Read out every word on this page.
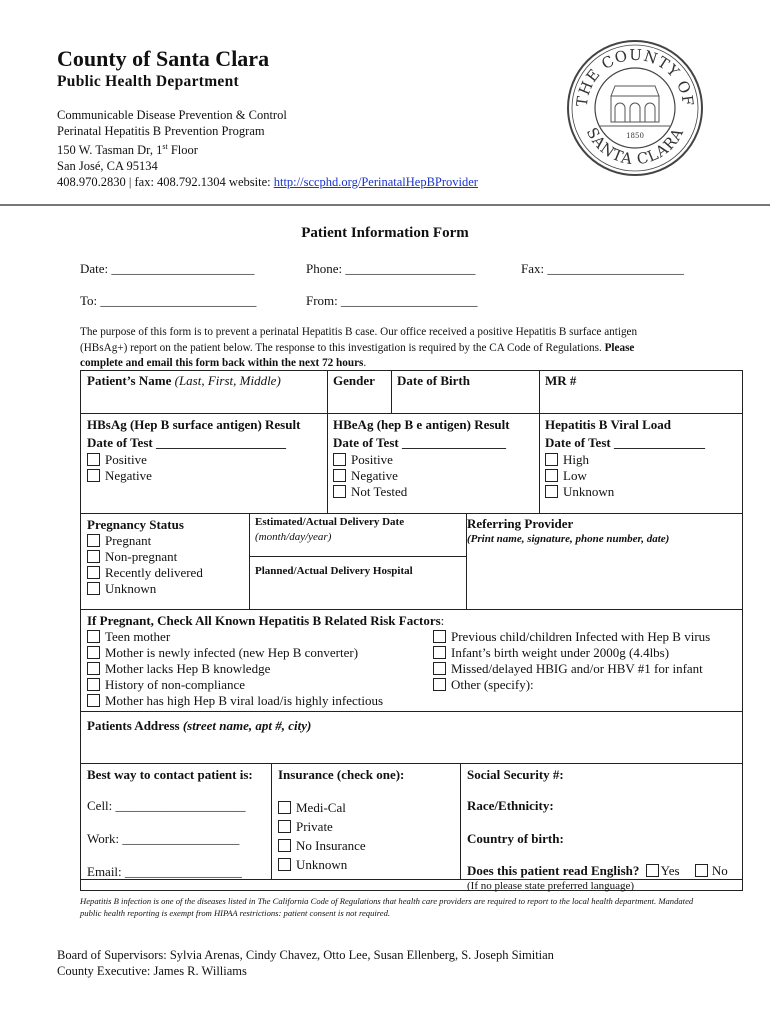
County of Santa Clara
Public Health Department
Communicable Disease Prevention & Control
Perinatal Hepatitis B Prevention Program
150 W. Tasman Dr, 1st Floor
San José, CA 95134
408.970.2830 | fax: 408.792.1304 website: http://sccphd.org/PerinatalHepBProvider
THE COUNTY OF
SANTA CLARA
1850
Patient Information Form
Date: ______________________	Phone: ____________________	Fax: _____________________
To: ________________________	From: _____________________
The purpose of this form is to prevent a perinatal Hepatitis B case. Our office received a positive Hepatitis B surface antigen (HBsAg+) report on the patient below. The response to this investigation is required by the CA Code of Regulations. Please complete and email this form back within the next 72 hours.
Patient’s Name (Last, First, Middle)	Gender Date of Birth	MR #
HBsAg (Hep B surface antigen) Result
Date of Test ____________________
Positive
Negative
HBeAg (hep B e antigen) Result
Date of Test ________________
Positive
Negative
Not Tested
Hepatitis B Viral Load
Date of Test ______________
High
Low
Unknown
Pregnancy Status
Pregnant
Non-pregnant
Recently delivered
Unknown
Estimated/Actual Delivery Date
(month/day/year)
Planned/Actual Delivery Hospital
Referring Provider
(Print name, signature, phone number, date)
If Pregnant, Check All Known Hepatitis B Related Risk Factors:
Teen mother
Mother is newly infected (new Hep B converter)
Mother lacks Hep B knowledge
History of non-compliance
Mother has high Hep B viral load/is highly infectious
Previous child/children Infected with Hep B virus
Infant’s birth weight under 2000g (4.4lbs)
Missed/delayed HBIG and/or HBV #1 for infant
Other (specify):
Patients Address (street name, apt #, city)
Best way to contact patient is:
Cell: ____________________
Work: __________________
Email: __________________
Insurance (check one):
Medi-Cal
Private
No Insurance
Unknown
Social Security #:
Race/Ethnicity:
Country of birth:
Does this patient read English? Yes No
(If no please state preferred language)
Hepatitis B infection is one of the diseases listed in The California Code of Regulations that health care providers are required to report to the local health department. Mandated public health reporting is exempt from HIPAA restrictions: patient consent is not required.
Board of Supervisors: Sylvia Arenas, Cindy Chavez, Otto Lee, Susan Ellenberg, S. Joseph Simitian
County Executive: James R. Williams
